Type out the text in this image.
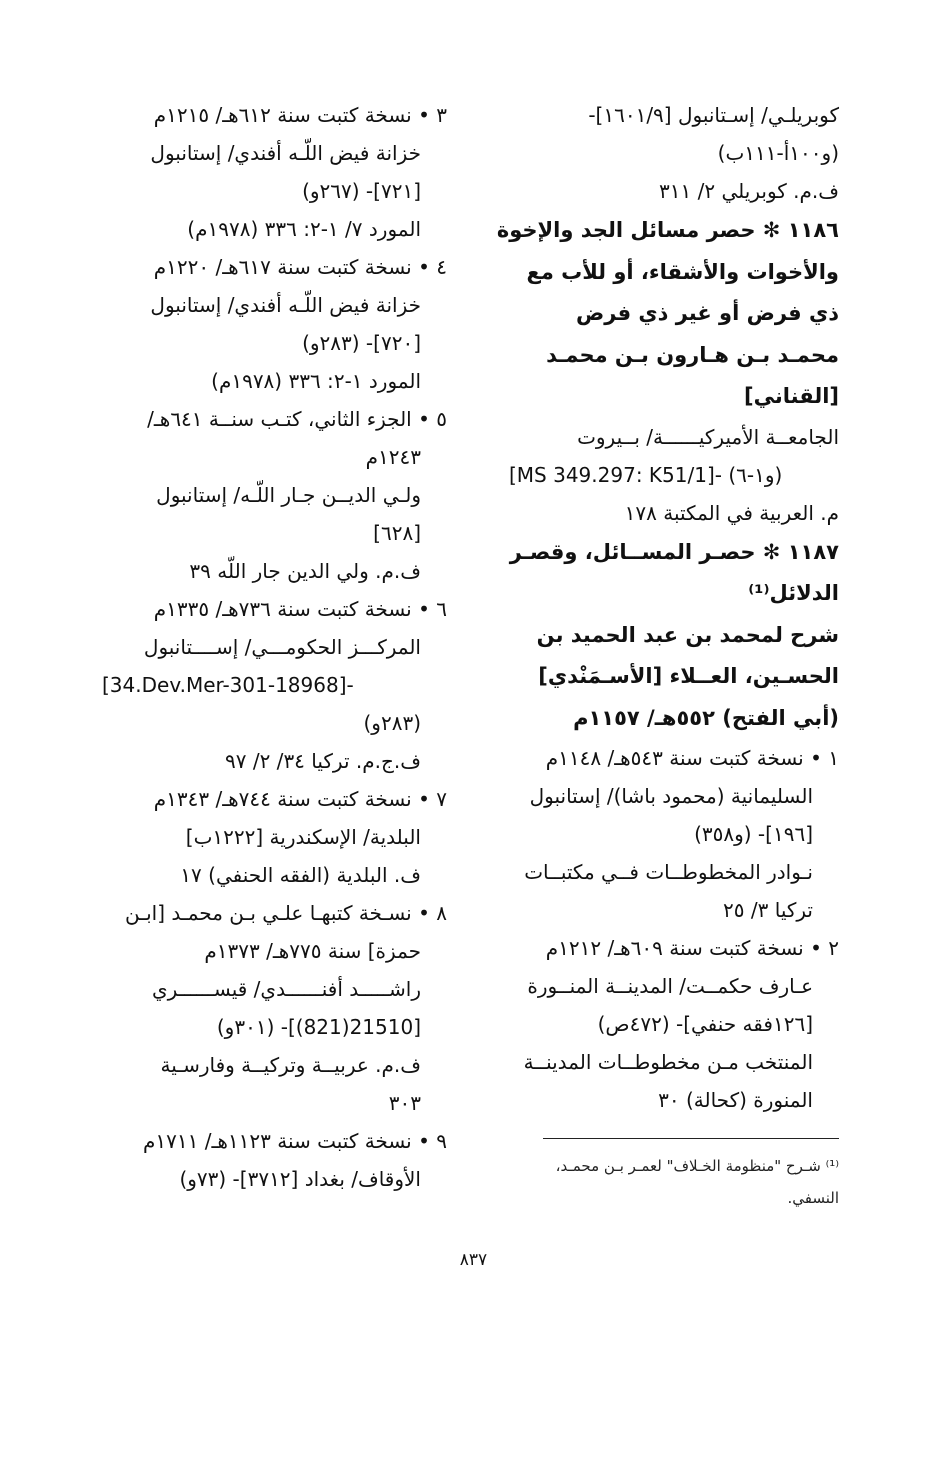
كوبريلـي/ إسـتانبول [١٦٠١/٩]-
(و١٠٠أ-١١١ب)
ف.م. كوبريلي ٢/ ٣١١
١١٨٦ ✻ حصر مسائل الجد والإخوة
والأخوات والأشقاء، أو للأب مع
ذي فرض أو غير ذي فرض
محمـد بـن هـارون بـن محمـد
[القناني]
الجامعــة الأميركيــــــة/ بــيروت
[MS 349.297: K51/1]- (و١-٦)
م. العربية في المكتبة ١٧٨
١١٨٧ ✻ حصـر المســائل، وقصـر
الدلائل⁽¹⁾
شرح لمحمد بن عبد الحميد بن
الحسـين، العــلاء [الأسـمَنْدي]
(أبي الفتح) ٥٥٢هـ/ ١١٥٧م
١ • نسخة كتبت سنة ٥٤٣هـ/ ١١٤٨م
السليمانية (محمود باشا)/ إستانبول
[١٩٦]- (و٣٥٨)
نـوادر المخطوطــات فــي مكتبــات
تركيا ٣/ ٢٥
٢ • نسخة كتبت سنة ٦٠٩هـ/ ١٢١٢م
عـارف حكمــت/ المدينــة المنــورة
[١٢٦فقه حنفي]- (٤٧٢ص)
المنتخب مـن مخطوطــات المدينــة
المنورة (كحالة) ٣٠
٣ • نسخة كتبت سنة ٦١٢هـ/ ١٢١٥م
خزانة فيض اللّـه أفندي/ إستانبول
[٧٢١]- (٢٦٧و)
المورد ٧/ ١-٢: ٣٣٦ (١٩٧٨م)
٤ • نسخة كتبت سنة ٦١٧هـ/ ١٢٢٠م
خزانة فيض اللّـه أفندي/ إستانبول
[٧٢٠]- (٢٨٣و)
المورد ١-٢: ٣٣٦ (١٩٧٨م)
٥ • الجزء الثاني، كتـب سنــة ٦٤١هـ/
١٢٤٣م
ولـي الديــن جـار اللّـه/ إستانبول
[٦٢٨]
ف.م. ولي الدين جار اللّه ٣٩
٦ • نسخة كتبت سنة ٧٣٦هـ/ ١٣٣٥م
المركـــز الحكومـــي/ إســــتانبول
[34.Dev.Mer-301-18968]-
(٢٨٣و)
ف.ج.م. تركيا ٣٤/ ٢/ ٩٧
٧ • نسخة كتبت سنة ٧٤٤هـ/ ١٣٤٣م
البلدية/ الإسكندرية [١٢٢٢ب]
ف. البلدية (الفقه الحنفي) ١٧
٨ • نسـخة كتبهـا علـي بـن محمـد [ابـن
حمزة] سنة ٧٧٥هـ/ ١٣٧٣م
راشـــــد أفنــــــدي/ قيســــــري
[21510(821)]- (٣٠١و)
ف.م. عربيــة وتركيــة وفارسـية
٣٠٣
٩ • نسخة كتبت سنة ١١٢٣هـ/ ١٧١١م
الأوقاف/ بغداد [٣٧١٢]- (٧٣و)
⁽¹⁾ شـرح "منظومة الخـلاف" لعمـر بـن محمـد،
النسفي.
٨٣٧
